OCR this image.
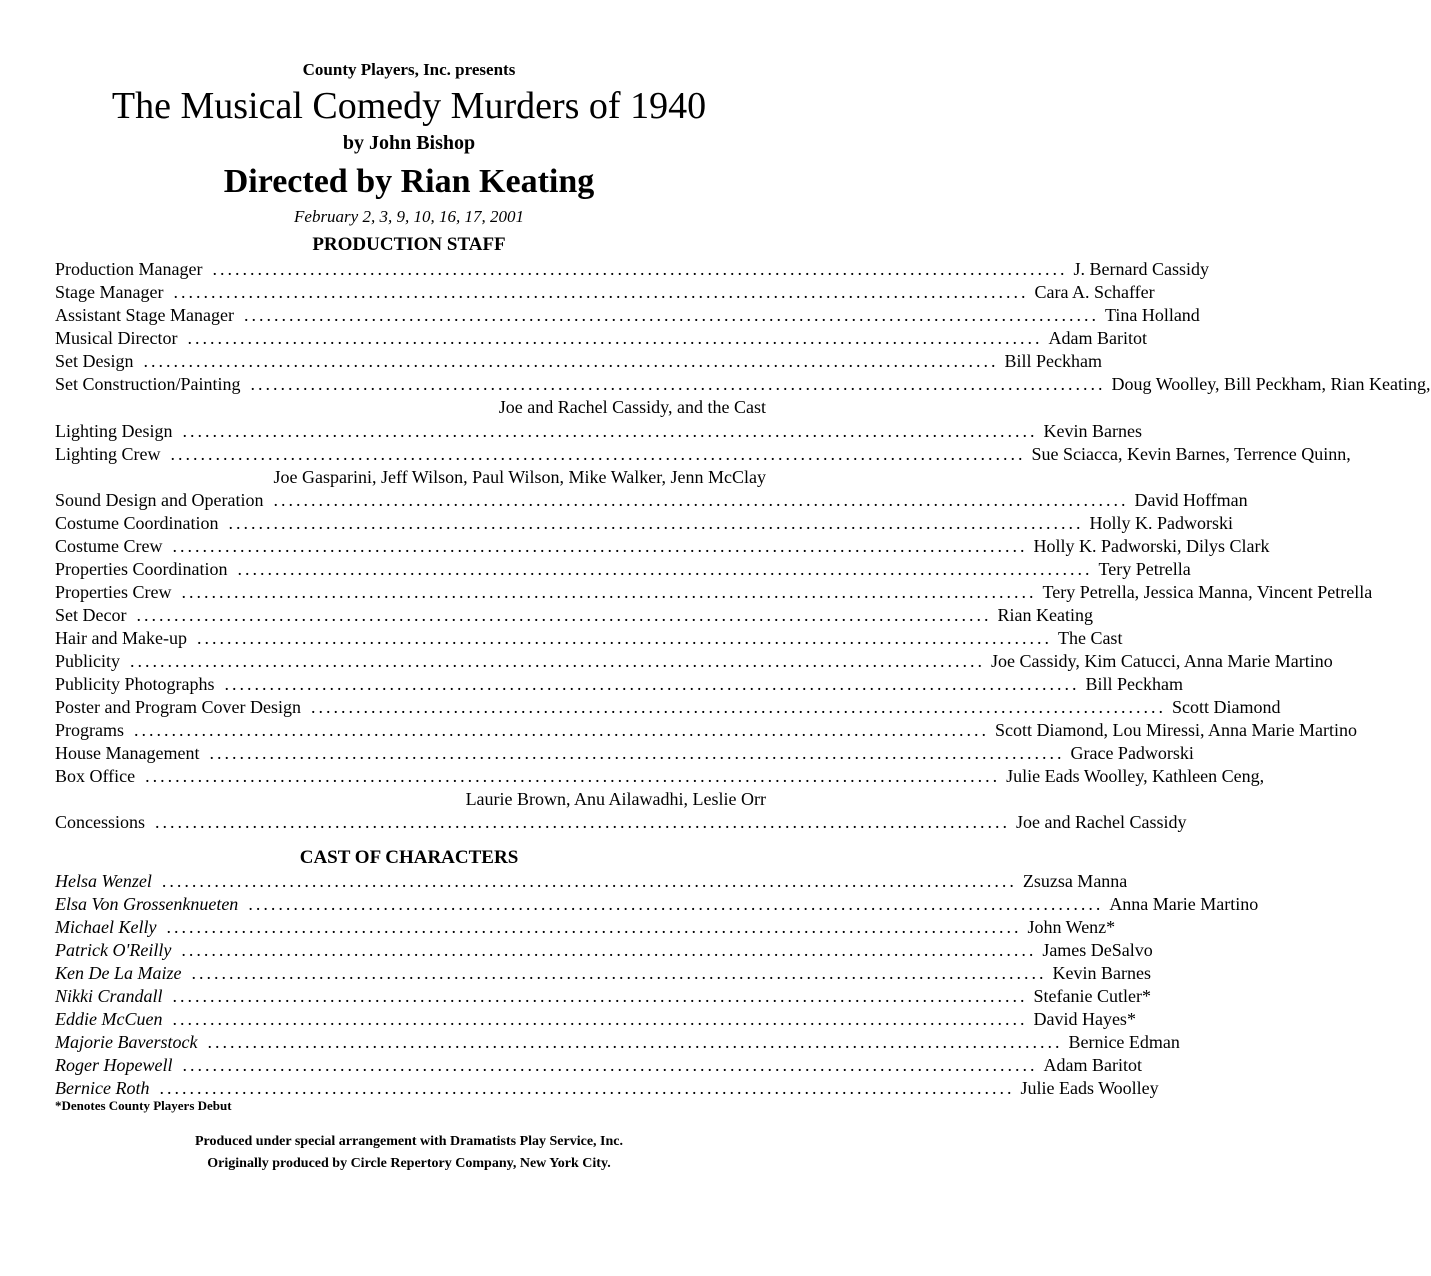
County Players, Inc. presents
The Musical Comedy Murders of 1940
by John Bishop
Directed by Rian Keating
February 2, 3, 9, 10, 16, 17, 2001
PRODUCTION STAFF
Production Manager .................................................................................................................. J. Bernard Cassidy
Stage Manager .................................................................................................................. Cara A. Schaffer
Assistant Stage Manager .................................................................................................................. Tina Holland
Musical Director .................................................................................................................. Adam Baritot
Set Design .................................................................................................................. Bill Peckham
Set Construction/Painting .................................................................................................................. Doug Woolley, Bill Peckham, Rian Keating,
Joe and Rachel Cassidy, and the Cast
Lighting Design .................................................................................................................. Kevin Barnes
Lighting Crew .................................................................................................................. Sue Sciacca, Kevin Barnes, Terrence Quinn,
Joe Gasparini, Jeff Wilson, Paul Wilson, Mike Walker, Jenn McClay
Sound Design and Operation .................................................................................................................. David Hoffman
Costume Coordination .................................................................................................................. Holly K. Padworski
Costume Crew .................................................................................................................. Holly K. Padworski, Dilys Clark
Properties Coordination .................................................................................................................. Tery Petrella
Properties Crew .................................................................................................................. Tery Petrella, Jessica Manna, Vincent Petrella
Set Decor .................................................................................................................. Rian Keating
Hair and Make-up .................................................................................................................. The Cast
Publicity .................................................................................................................. Joe Cassidy, Kim Catucci, Anna Marie Martino
Publicity Photographs .................................................................................................................. Bill Peckham
Poster and Program Cover Design .................................................................................................................. Scott Diamond
Programs .................................................................................................................. Scott Diamond, Lou Miressi, Anna Marie Martino
House Management .................................................................................................................. Grace Padworski
Box Office .................................................................................................................. Julie Eads Woolley, Kathleen Ceng,
Laurie Brown, Anu Ailawadhi, Leslie Orr
Concessions .................................................................................................................. Joe and Rachel Cassidy
CAST OF CHARACTERS
Helsa Wenzel .................................................................................................................. Zsuzsa Manna
Elsa Von Grossenknueten .................................................................................................................. Anna Marie Martino
Michael Kelly .................................................................................................................. John Wenz*
Patrick O'Reilly .................................................................................................................. James DeSalvo
Ken De La Maize .................................................................................................................. Kevin Barnes
Nikki Crandall .................................................................................................................. Stefanie Cutler*
Eddie McCuen .................................................................................................................. David Hayes*
Majorie Baverstock .................................................................................................................. Bernice Edman
Roger Hopewell .................................................................................................................. Adam Baritot
Bernice Roth .................................................................................................................. Julie Eads Woolley
*Denotes County Players Debut
Produced under special arrangement with Dramatists Play Service, Inc.
Originally produced by Circle Repertory Company, New York City.
